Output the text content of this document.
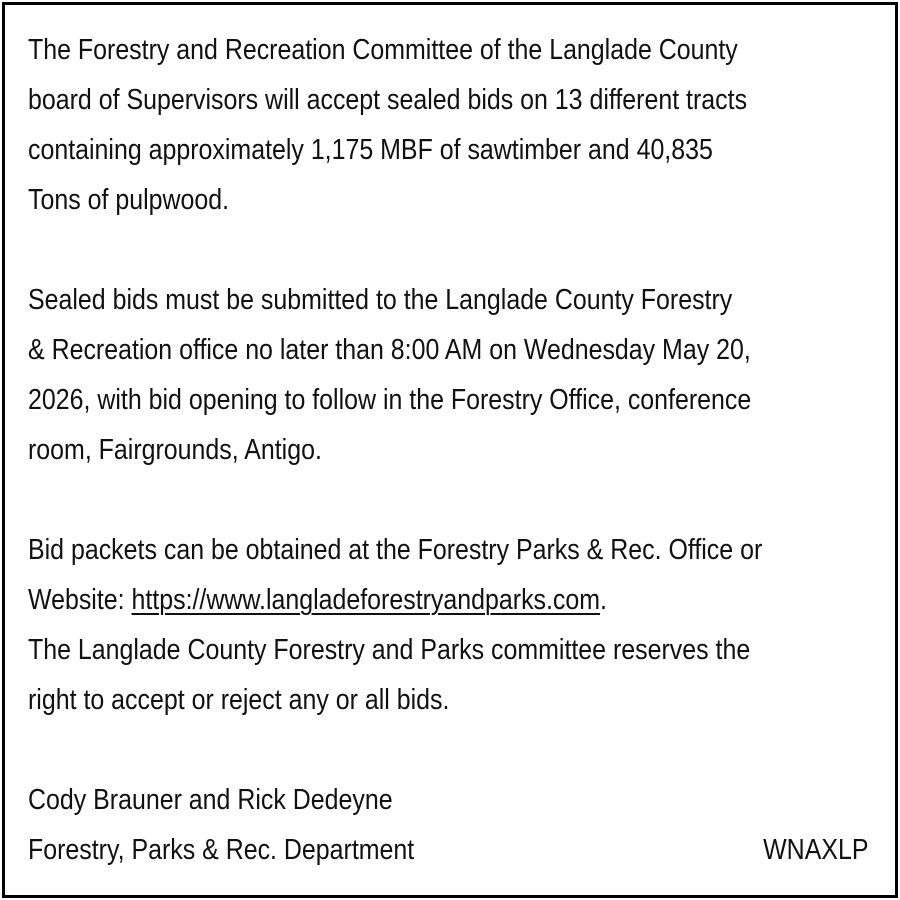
The Forestry and Recreation Committee of the Langlade County

board of Supervisors will accept sealed bids on 13 different tracts

containing approximately 1,175 MBF of sawtimber and 40,835

Tons of pulpwood.

Sealed bids must be submitted to the Langlade County Forestry

& Recreation office no later than 8:00 AM on Wednesday May 20,

2026, with bid opening to follow in the Forestry Office, conference

room, Fairgrounds, Antigo.

Bid packets can be obtained at the Forestry Parks & Rec. Office or

Website: https://www.langladeforestryandparks.com.

The Langlade County Forestry and Parks committee reserves the

right to accept or reject any or all bids.

Cody Brauner and Rick Dedeyne

Forestry, Parks & Rec. Department	WNAXLP
